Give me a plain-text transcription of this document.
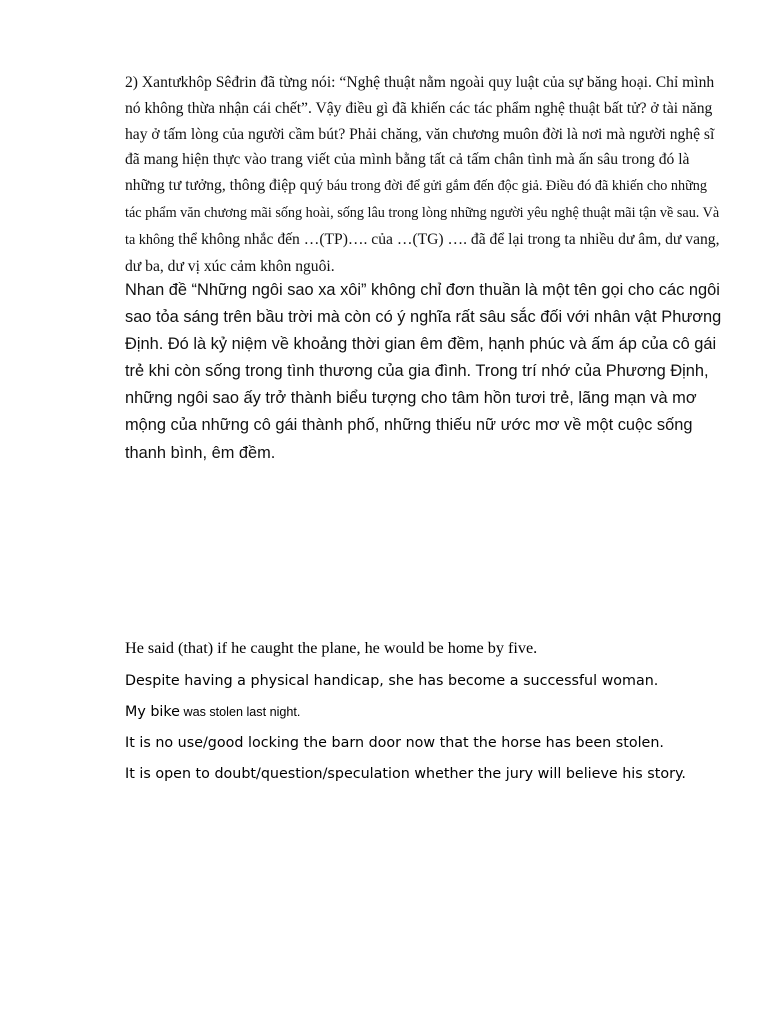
2) Xantưkhôp Sêđrin đã từng nói: “Nghệ thuật nằm ngoài quy luật của sự băng hoại. Chỉ mình nó không thừa nhận cái chết”. Vậy điều gì đã khiến các tác phẩm nghệ thuật bất tử? ở tài năng hay ở tấm lòng của người cầm bút? Phải chăng, văn chương muôn đời là nơi mà người nghệ sĩ đã mang hiện thực vào trang viết của mình bằng tất cả tấm chân tình mà ấn sâu trong đó là những tư tưởng, thông điệp quý báu trong đời để gửi gắm đến độc giả. Điều đó đã khiến cho những tác phẩm văn chương mãi sống hoài, sống lâu trong lòng những người yêu nghệ thuật mãi tận về sau. Và ta không thể không nhắc đến …(TP)…. của …(TG) …. đã để lại trong ta nhiều dư âm, dư vang, dư ba, dư vị xúc cảm khôn nguôi.
Nhan đề “Những ngôi sao xa xôi” không chỉ đơn thuần là một tên gọi cho các ngôi sao tỏa sáng trên bầu trời mà còn có ý nghĩa rất sâu sắc đối với nhân vật Phương Định. Đó là kỷ niệm về khoảng thời gian êm đềm, hạnh phúc và ấm áp của cô gái trẻ khi còn sống trong tình thương của gia đình. Trong trí nhớ của Phương Định, những ngôi sao ấy trở thành biểu tượng cho tâm hồn tươi trẻ, lãng mạn và mơ mộng của những cô gái thành phố, những thiếu nữ ước mơ về một cuộc sống thanh bình, êm đềm.
He said (that) if he caught the plane, he would be home by five.
Despite having a physical handicap, she has become a successful woman.
My bike was stolen last night.
It is no use/good locking the barn door now that the horse has been stolen.
It is open to doubt/question/speculation whether the jury will believe his story.
